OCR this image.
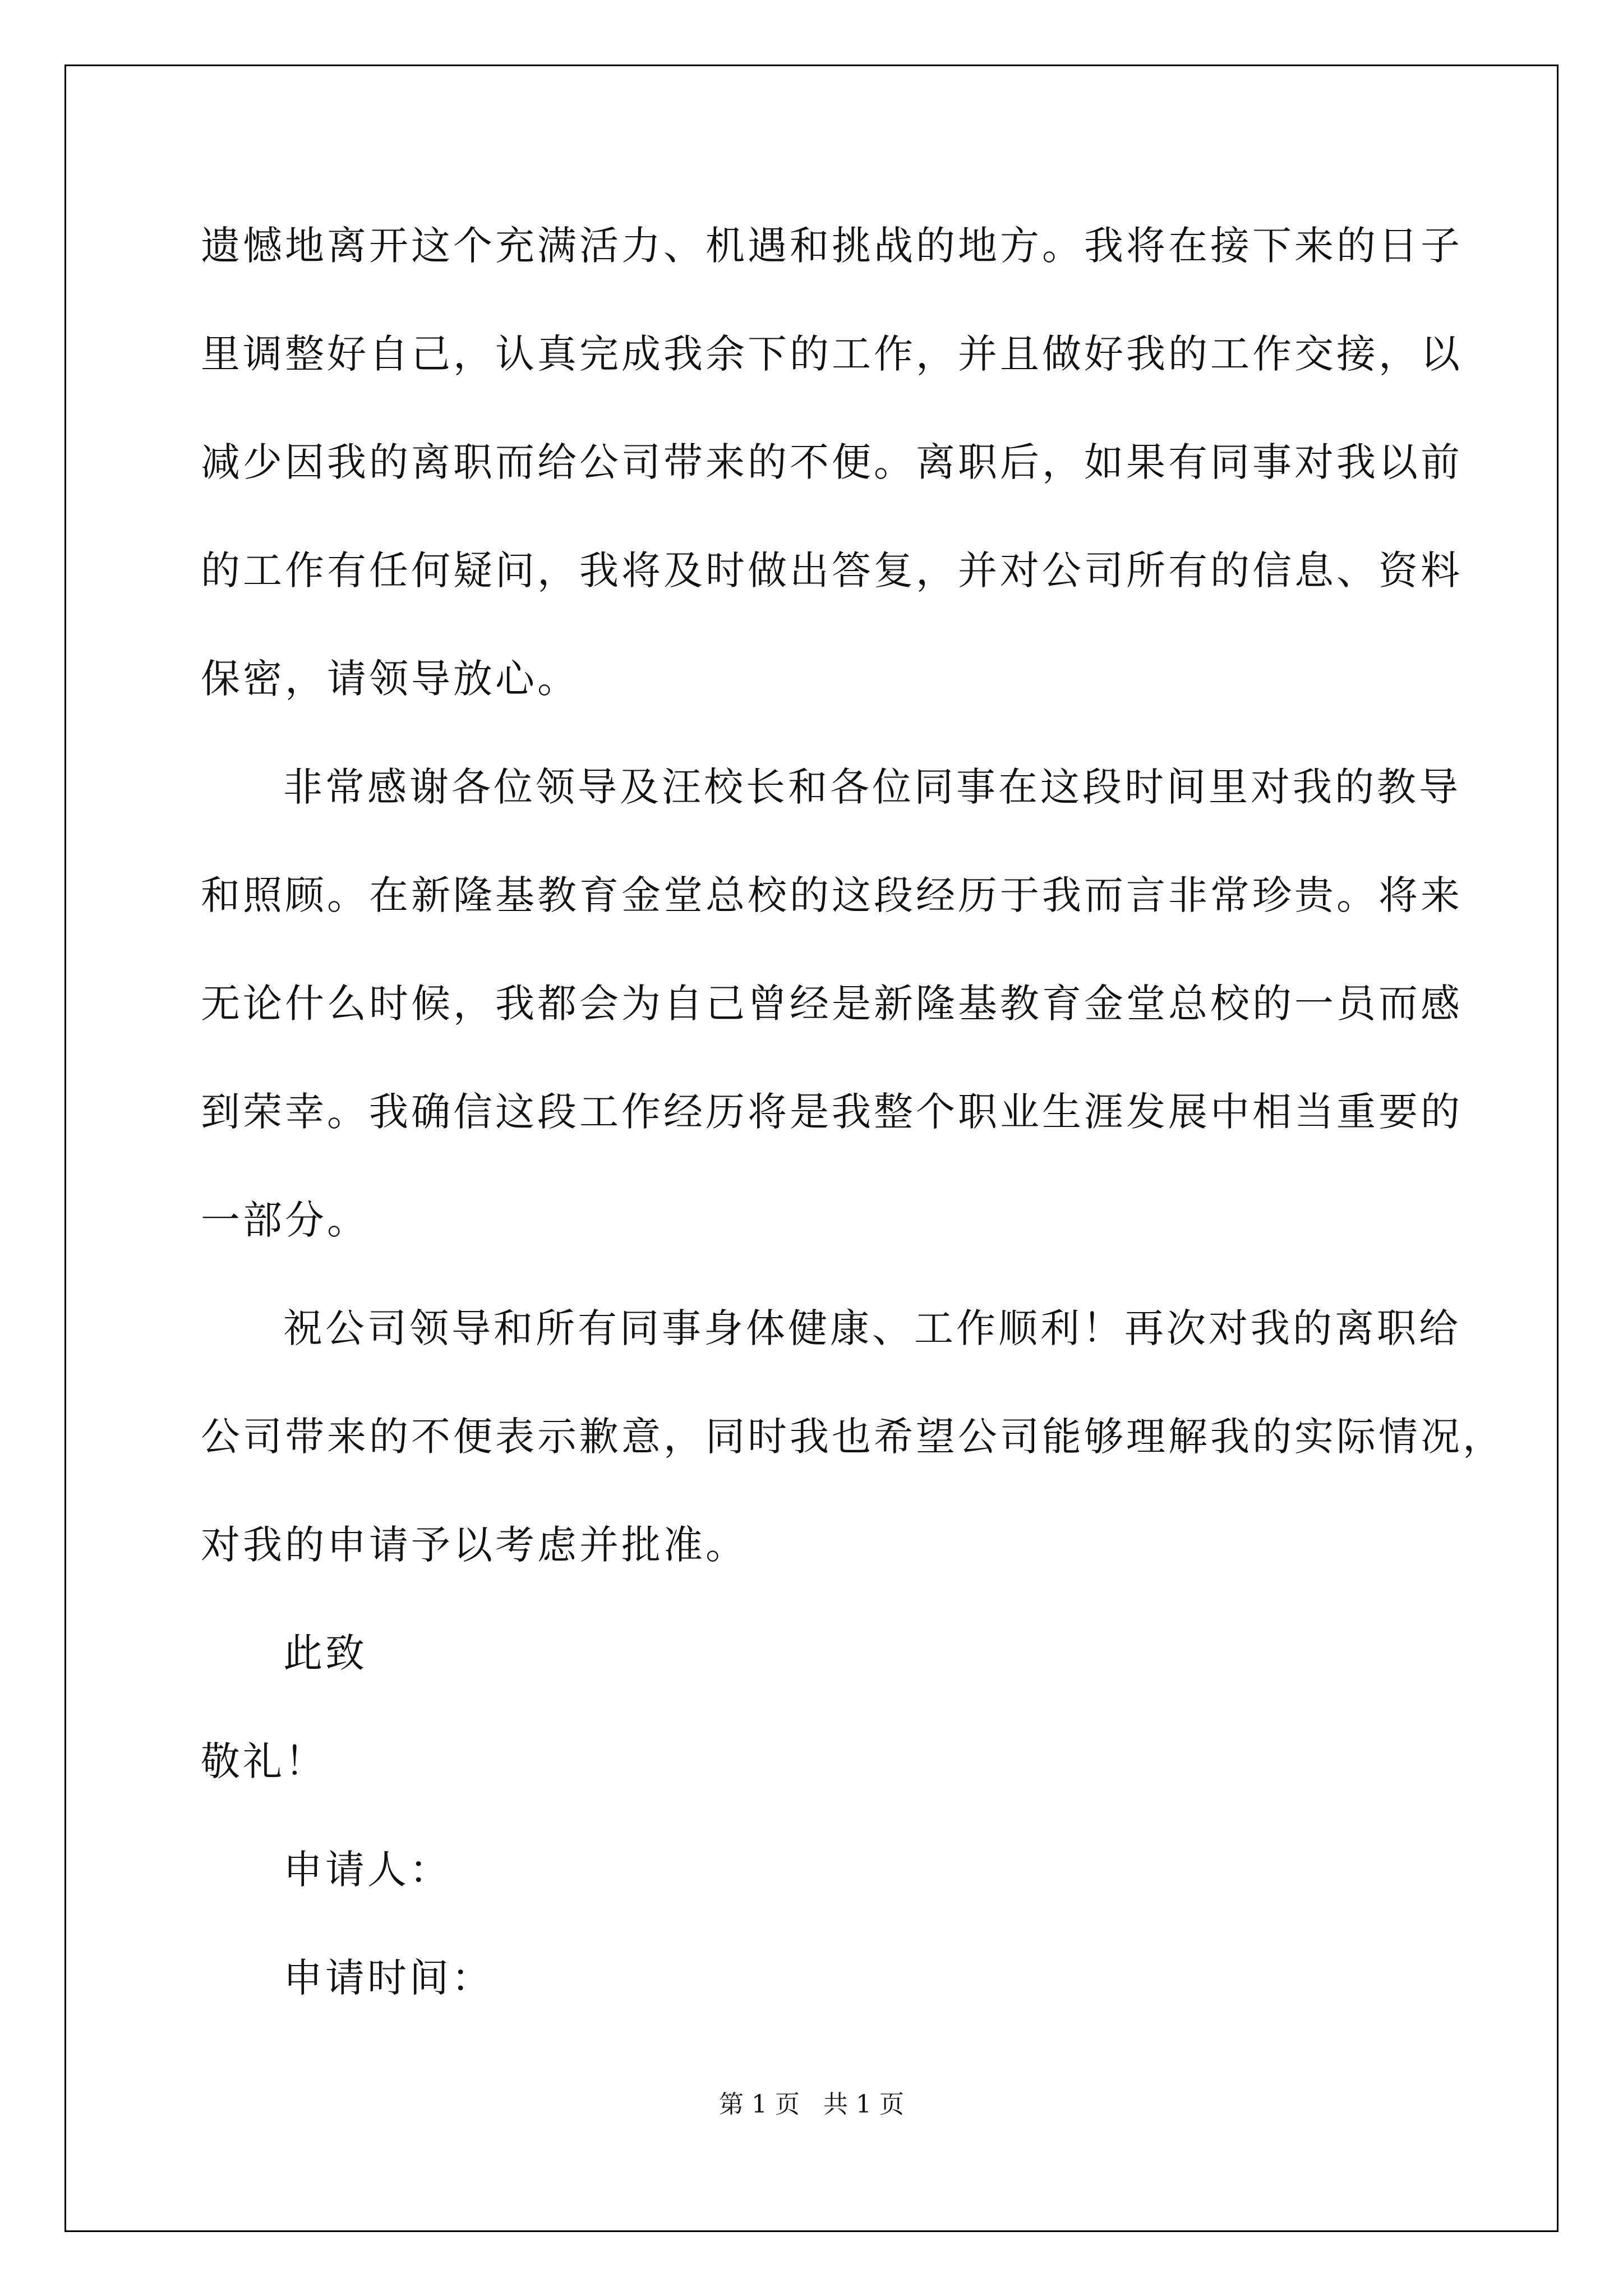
遗憾地离开这个充满活力、机遇和挑战的地方。我将在接下来的日子
里调整好自己，认真完成我余下的工作，并且做好我的工作交接，以
减少因我的离职而给公司带来的不便。离职后，如果有同事对我以前
的工作有任何疑问，我将及时做出答复，并对公司所有的信息、资料
保密，请领导放心。
非常感谢各位领导及汪校长和各位同事在这段时间里对我的教导
和照顾。在新隆基教育金堂总校的这段经历于我而言非常珍贵。将来
无论什么时候，我都会为自己曾经是新隆基教育金堂总校的一员而感
到荣幸。我确信这段工作经历将是我整个职业生涯发展中相当重要的
一部分。
祝公司领导和所有同事身体健康、工作顺利！再次对我的离职给
公司带来的不便表示歉意，同时我也希望公司能够理解我的实际情况，
对我的申请予以考虑并批准。
此致
敬礼！
申请人：
申请时间：
第 1 页   共 1 页
